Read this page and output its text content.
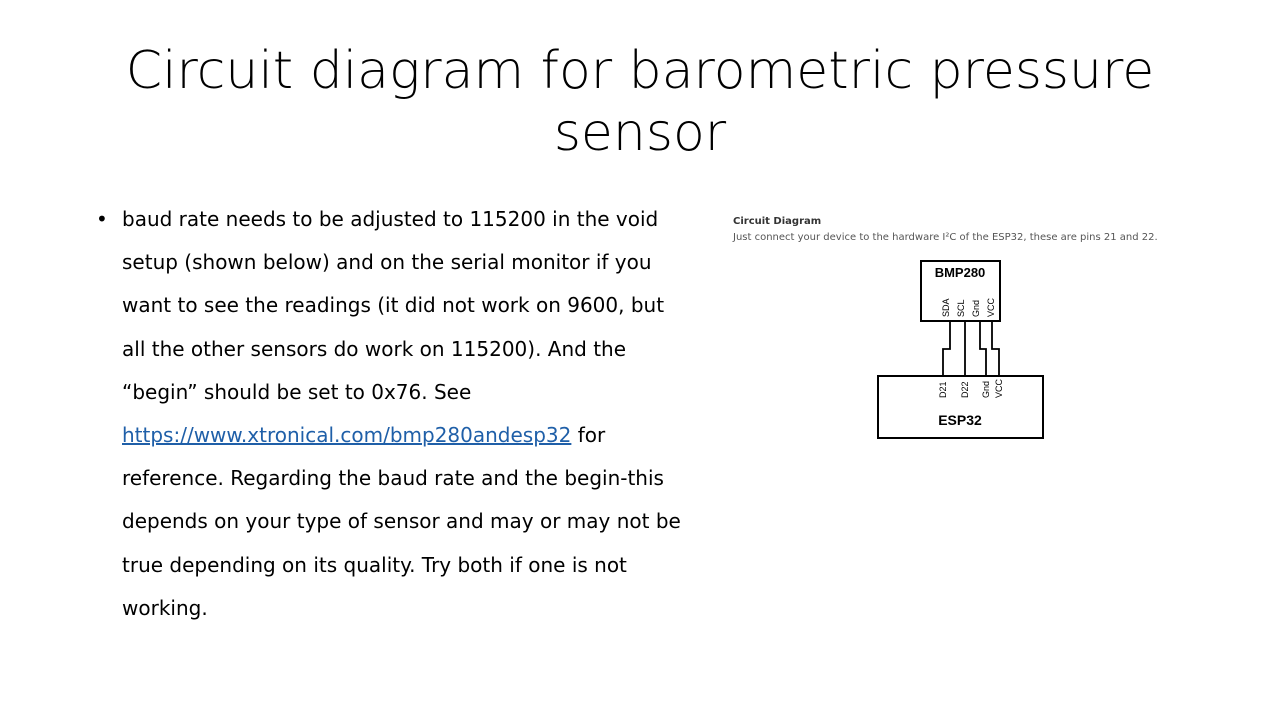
Circuit diagram for barometric pressure sensor
• baud rate needs to be adjusted to 115200 in the void setup (shown below) and on the serial monitor if you want to see the readings (it did not work on 9600, but all the other sensors do work on 115200). And the “begin” should be set to 0x76. See https://www.xtronical.com/bmp280andesp32 for reference. Regarding the baud rate and the begin-this depends on your type of sensor and may or may not be true depending on its quality. Try both if one is not working.
Circuit Diagram
Just connect your device to the hardware I²C of the ESP32, these are pins 21 and 22.
BMP280
SDA SCL Gnd VCC
D21 D22 Gnd VCC
ESP32
